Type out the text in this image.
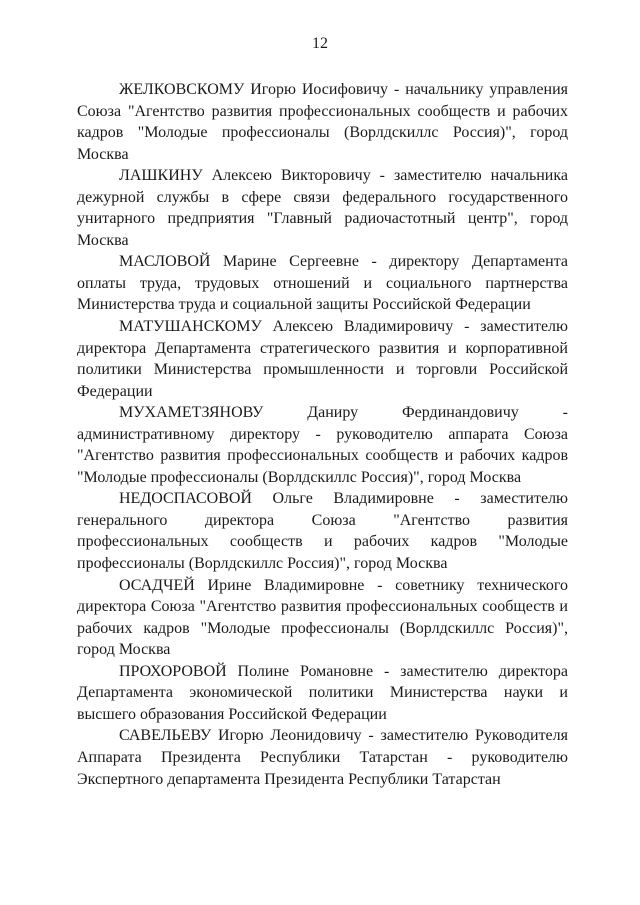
12

ЖЕЛКОВСКОМУ Игорю Иосифовичу - начальнику управления Союза "Агентство развития профессиональных сообществ и рабочих кадров "Молодые профессионалы (Ворлдскиллс Россия)", город Москва

ЛАШКИНУ Алексею Викторовичу - заместителю начальника дежурной службы в сфере связи федерального государственного унитарного предприятия "Главный радиочастотный центр", город Москва

МАСЛОВОЙ Марине Сергеевне - директору Департамента оплаты труда, трудовых отношений и социального партнерства Министерства труда и социальной защиты Российской Федерации

МАТУШАНСКОМУ Алексею Владимировичу - заместителю директора Департамента стратегического развития и корпоративной политики Министерства промышленности и торговли Российской Федерации

МУХАМЕТЗЯНОВУ Даниру Фердинандовичу - административному директору - руководителю аппарата Союза "Агентство развития профессиональных сообществ и рабочих кадров "Молодые профессионалы (Ворлдскиллс Россия)", город Москва

НЕДОСПАСОВОЙ Ольге Владимировне - заместителю генерального директора Союза "Агентство развития профессиональных сообществ и рабочих кадров "Молодые профессионалы (Ворлдскиллс Россия)", город Москва

ОСАДЧЕЙ Ирине Владимировне - советнику технического директора Союза "Агентство развития профессиональных сообществ и рабочих кадров "Молодые профессионалы (Ворлдскиллс Россия)", город Москва

ПРОХОРОВОЙ Полине Романовне - заместителю директора Департамента экономической политики Министерства науки и высшего образования Российской Федерации

САВЕЛЬЕВУ Игорю Леонидовичу - заместителю Руководителя Аппарата Президента Республики Татарстан - руководителю Экспертного департамента Президента Республики Татарстан
